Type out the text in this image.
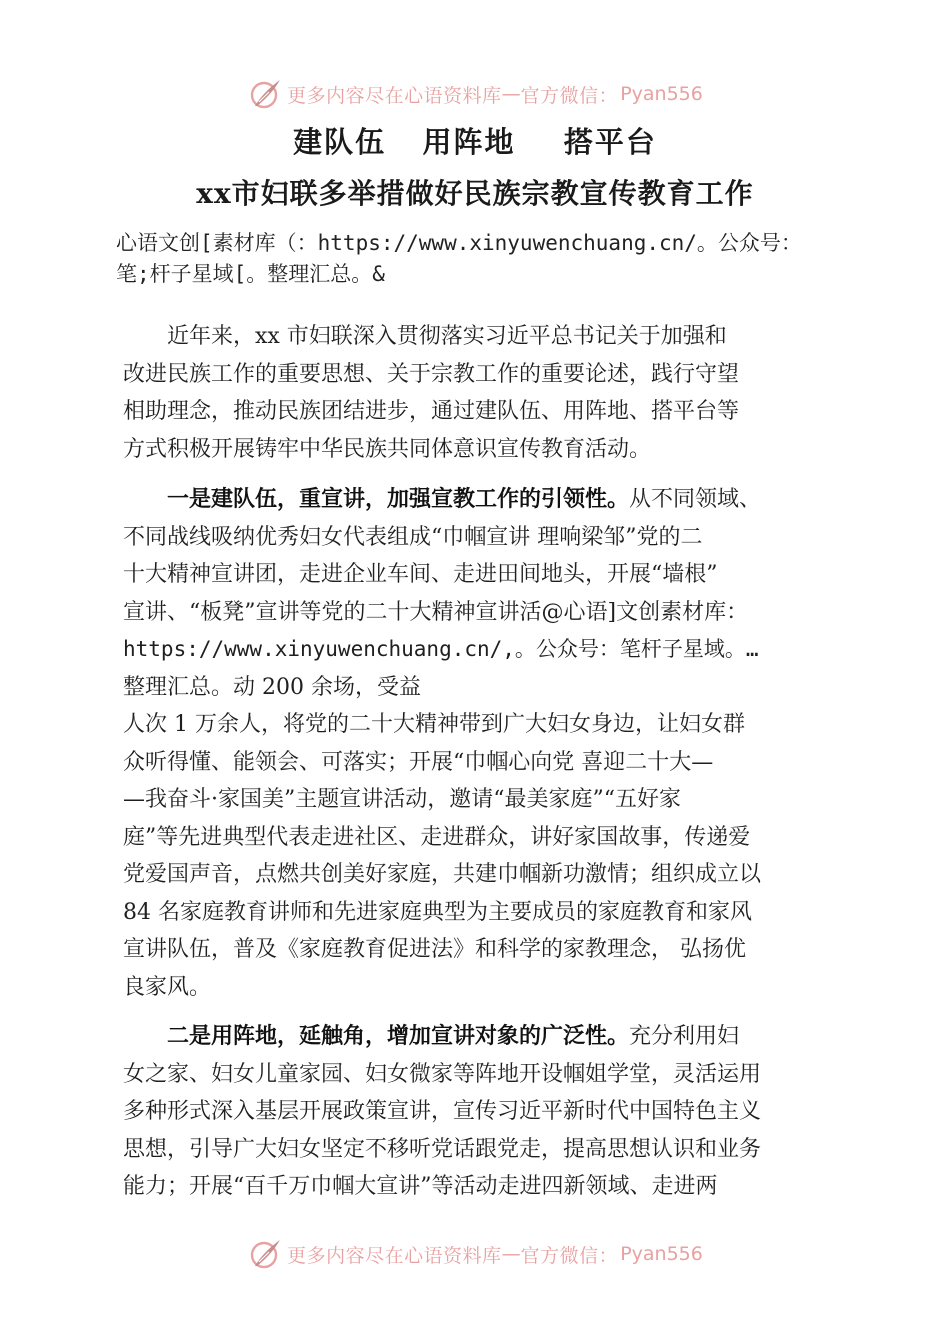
更多内容尽在心语资料库 — 官方微信： Pyan556
建队伍   用阵地    搭平台
xx市妇联多举措做好民族宗教宣传教育工作
心语文创[素材库（：https://www.xinyuwenchuang.cn/。公众号：
笔;杆子星域[。整理汇总。&
　　近年来，xx 市妇联深入贯彻落实习近平总书记关于加强和
改进民族工作的重要思想、关于宗教工作的重要论述，践行守望
相助理念，推动民族团结进步，通过建队伍、用阵地、搭平台等
方式积极开展铸牢中华民族共同体意识宣传教育活动。
　　一是建队伍，重宣讲，加强宣教工作的引领性。从不同领域、
不同战线吸纳优秀妇女代表组成“巾帼宣讲 理响梁邹”党的二
十大精神宣讲团，走进企业车间、走进田间地头，开展“墙根”
宣讲、“板凳”宣讲等党的二十大精神宣讲活@心语]文创素材库：
https://www.xinyuwenchuang.cn/,。公众号：笔杆子星域。…
整理汇总。动 200 余场，受益
人次 1 万余人，将党的二十大精神带到广大妇女身边，让妇女群
众听得懂、能领会、可落实；开展“巾帼心向党 喜迎二十大—
—我奋斗·家国美”主题宣讲活动，邀请“最美家庭”“五好家
庭”等先进典型代表走进社区、走进群众，讲好家国故事，传递爱
党爱国声音，点燃共创美好家庭，共建巾帼新功激情；组织成立以
84 名家庭教育讲师和先进家庭典型为主要成员的家庭教育和家风
宣讲队伍，普及《家庭教育促进法》和科学的家教理念， 弘扬优
良家风。
　　二是用阵地，延触角，增加宣讲对象的广泛性。充分利用妇
女之家、妇女儿童家园、妇女微家等阵地开设帼姐学堂，灵活运用
多种形式深入基层开展政策宣讲，宣传习近平新时代中国特色主义
思想，引导广大妇女坚定不移听党话跟党走，提高思想认识和业务
能力；开展“百千万巾帼大宣讲”等活动走进四新领域、走进两
更多内容尽在心语资料库 — 官方微信： Pyan556
